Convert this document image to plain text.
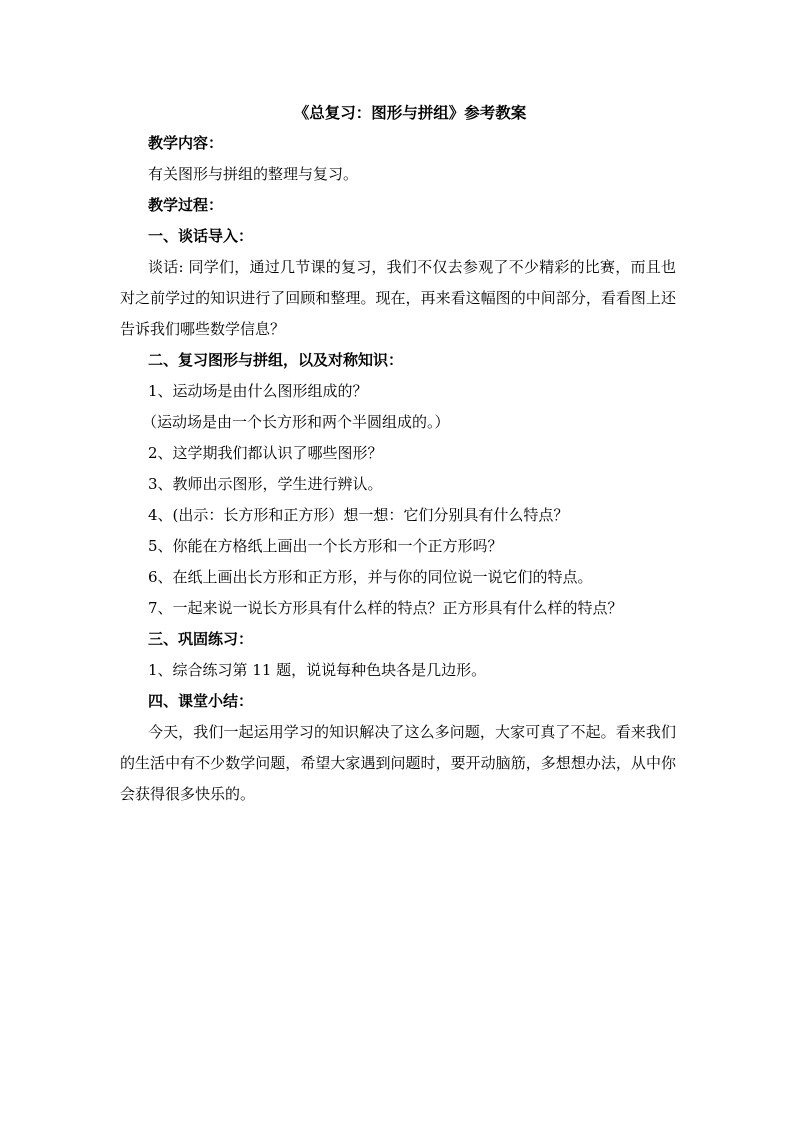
《总复习：图形与拼组》参考教案

教学内容：

有关图形与拼组的整理与复习。

教学过程：

一、谈话导入：

谈话: 同学们，通过几节课的复习，我们不仅去参观了不少精彩的比赛，而且也对之前学过的知识进行了回顾和整理。现在，再来看这幅图的中间部分，看看图上还告诉我们哪些数学信息？

二、复习图形与拼组，以及对称知识：

1、运动场是由什么图形组成的？

（运动场是由一个长方形和两个半圆组成的。）

2、这学期我们都认识了哪些图形？

3、教师出示图形，学生进行辨认。

4、(出示：长方形和正方形）想一想：它们分别具有什么特点？

5、你能在方格纸上画出一个长方形和一个正方形吗？

6、在纸上画出长方形和正方形，并与你的同位说一说它们的特点。

7、一起来说一说长方形具有什么样的特点？正方形具有什么样的特点？

三、巩固练习：

1、综合练习第 11 题，说说每种色块各是几边形。

四、课堂小结：

今天，我们一起运用学习的知识解决了这么多问题，大家可真了不起。看来我们的生活中有不少数学问题，希望大家遇到问题时，要开动脑筋，多想想办法，从中你会获得很多快乐的。
